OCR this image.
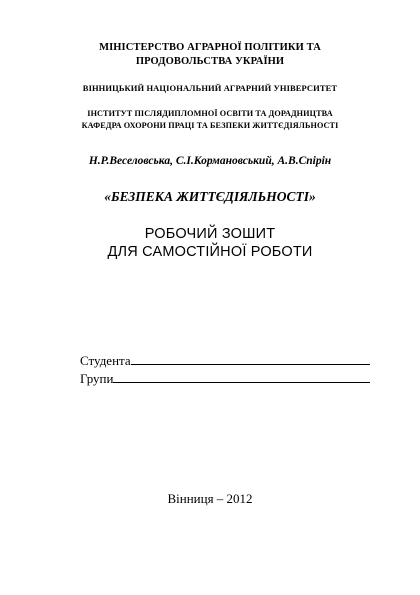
МІНІСТЕРСТВО АГРАРНОЇ ПОЛІТИКИ ТА
ПРОДОВОЛЬСТВА УКРАЇНИ
ВІННИЦЬКИЙ НАЦІОНАЛЬНИЙ АГРАРНИЙ УНІВЕРСИТЕТ
ІНСТИТУТ ПІСЛЯДИПЛОМНОЇ ОСВІТИ ТА ДОРАДНИЦТВА
КАФЕДРА ОХОРОНИ ПРАЦІ ТА БЕЗПЕКИ ЖИТТЄДІЯЛЬНОСТІ
Н.Р.Веселовська, С.І.Кормановський, А.В.Спірін
«БЕЗПЕКА ЖИТТЄДІЯЛЬНОСТІ»
РОБОЧИЙ ЗОШИТ
ДЛЯ САМОСТІЙНОЇ РОБОТИ
Студента
Групи
Вінниця – 2012
